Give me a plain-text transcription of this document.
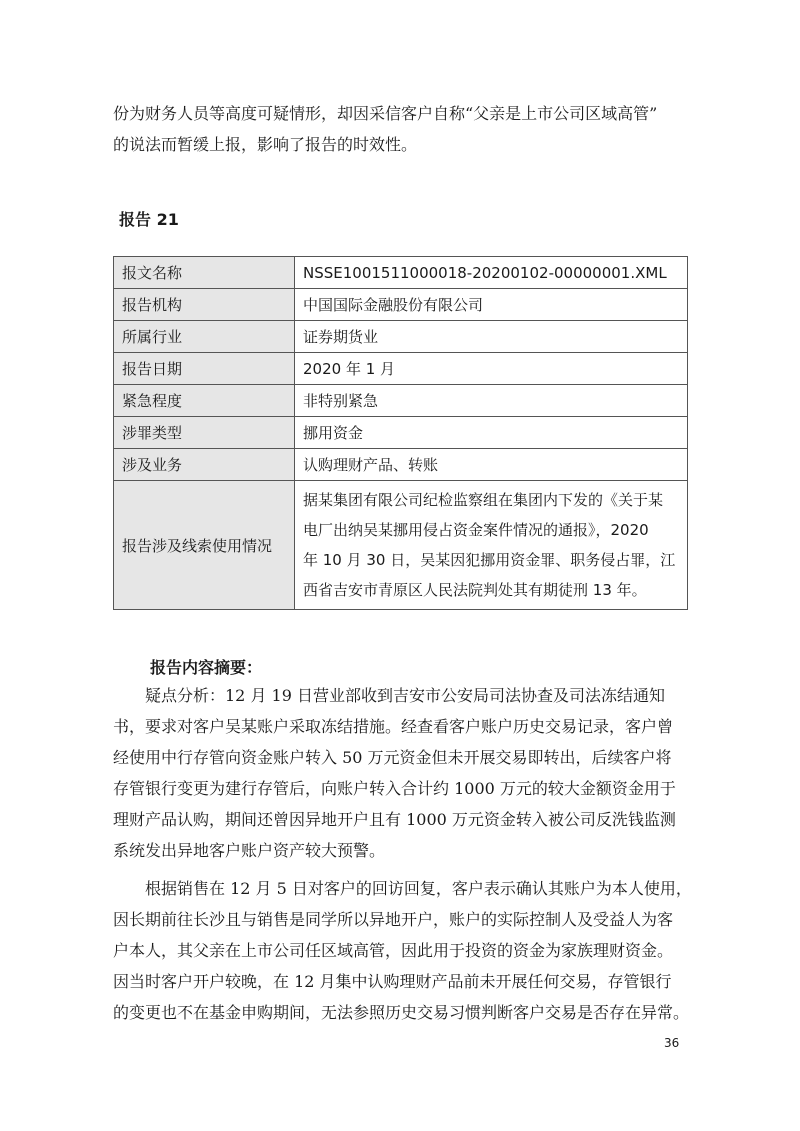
份为财务人员等高度可疑情形，却因采信客户自称“父亲是上市公司区域高管”
的说法而暂缓上报，影响了报告的时效性。

报告 21

报文名称	NSSE1001511000018-20200102-00000001.XML
报告机构	中国国际金融股份有限公司
所属行业	证券期货业
报告日期	2020 年 1 月
紧急程度	非特别紧急
涉罪类型	挪用资金
涉及业务	认购理财产品、转账
报告涉及线索使用情况	据某集团有限公司纪检监察组在集团内下发的《关于某
电厂出纳吴某挪用侵占资金案件情况的通报》，2020
年 10 月 30 日，吴某因犯挪用资金罪、职务侵占罪，江
西省吉安市青原区人民法院判处其有期徒刑 13 年。

报告内容摘要：

疑点分析：12 月 19 日营业部收到吉安市公安局司法协查及司法冻结通知
书，要求对客户吴某账户采取冻结措施。经查看客户账户历史交易记录，客户曾
经使用中行存管向资金账户转入 50 万元资金但未开展交易即转出，后续客户将
存管银行变更为建行存管后，向账户转入合计约 1000 万元的较大金额资金用于
理财产品认购，期间还曾因异地开户且有 1000 万元资金转入被公司反洗钱监测
系统发出异地客户账户资产较大预警。

根据销售在 12 月 5 日对客户的回访回复，客户表示确认其账户为本人使用，
因长期前往长沙且与销售是同学所以异地开户，账户的实际控制人及受益人为客
户本人，其父亲在上市公司任区域高管，因此用于投资的资金为家族理财资金。
因当时客户开户较晚，在 12 月集中认购理财产品前未开展任何交易，存管银行
的变更也不在基金申购期间，无法参照历史交易习惯判断客户交易是否存在异常。

36
